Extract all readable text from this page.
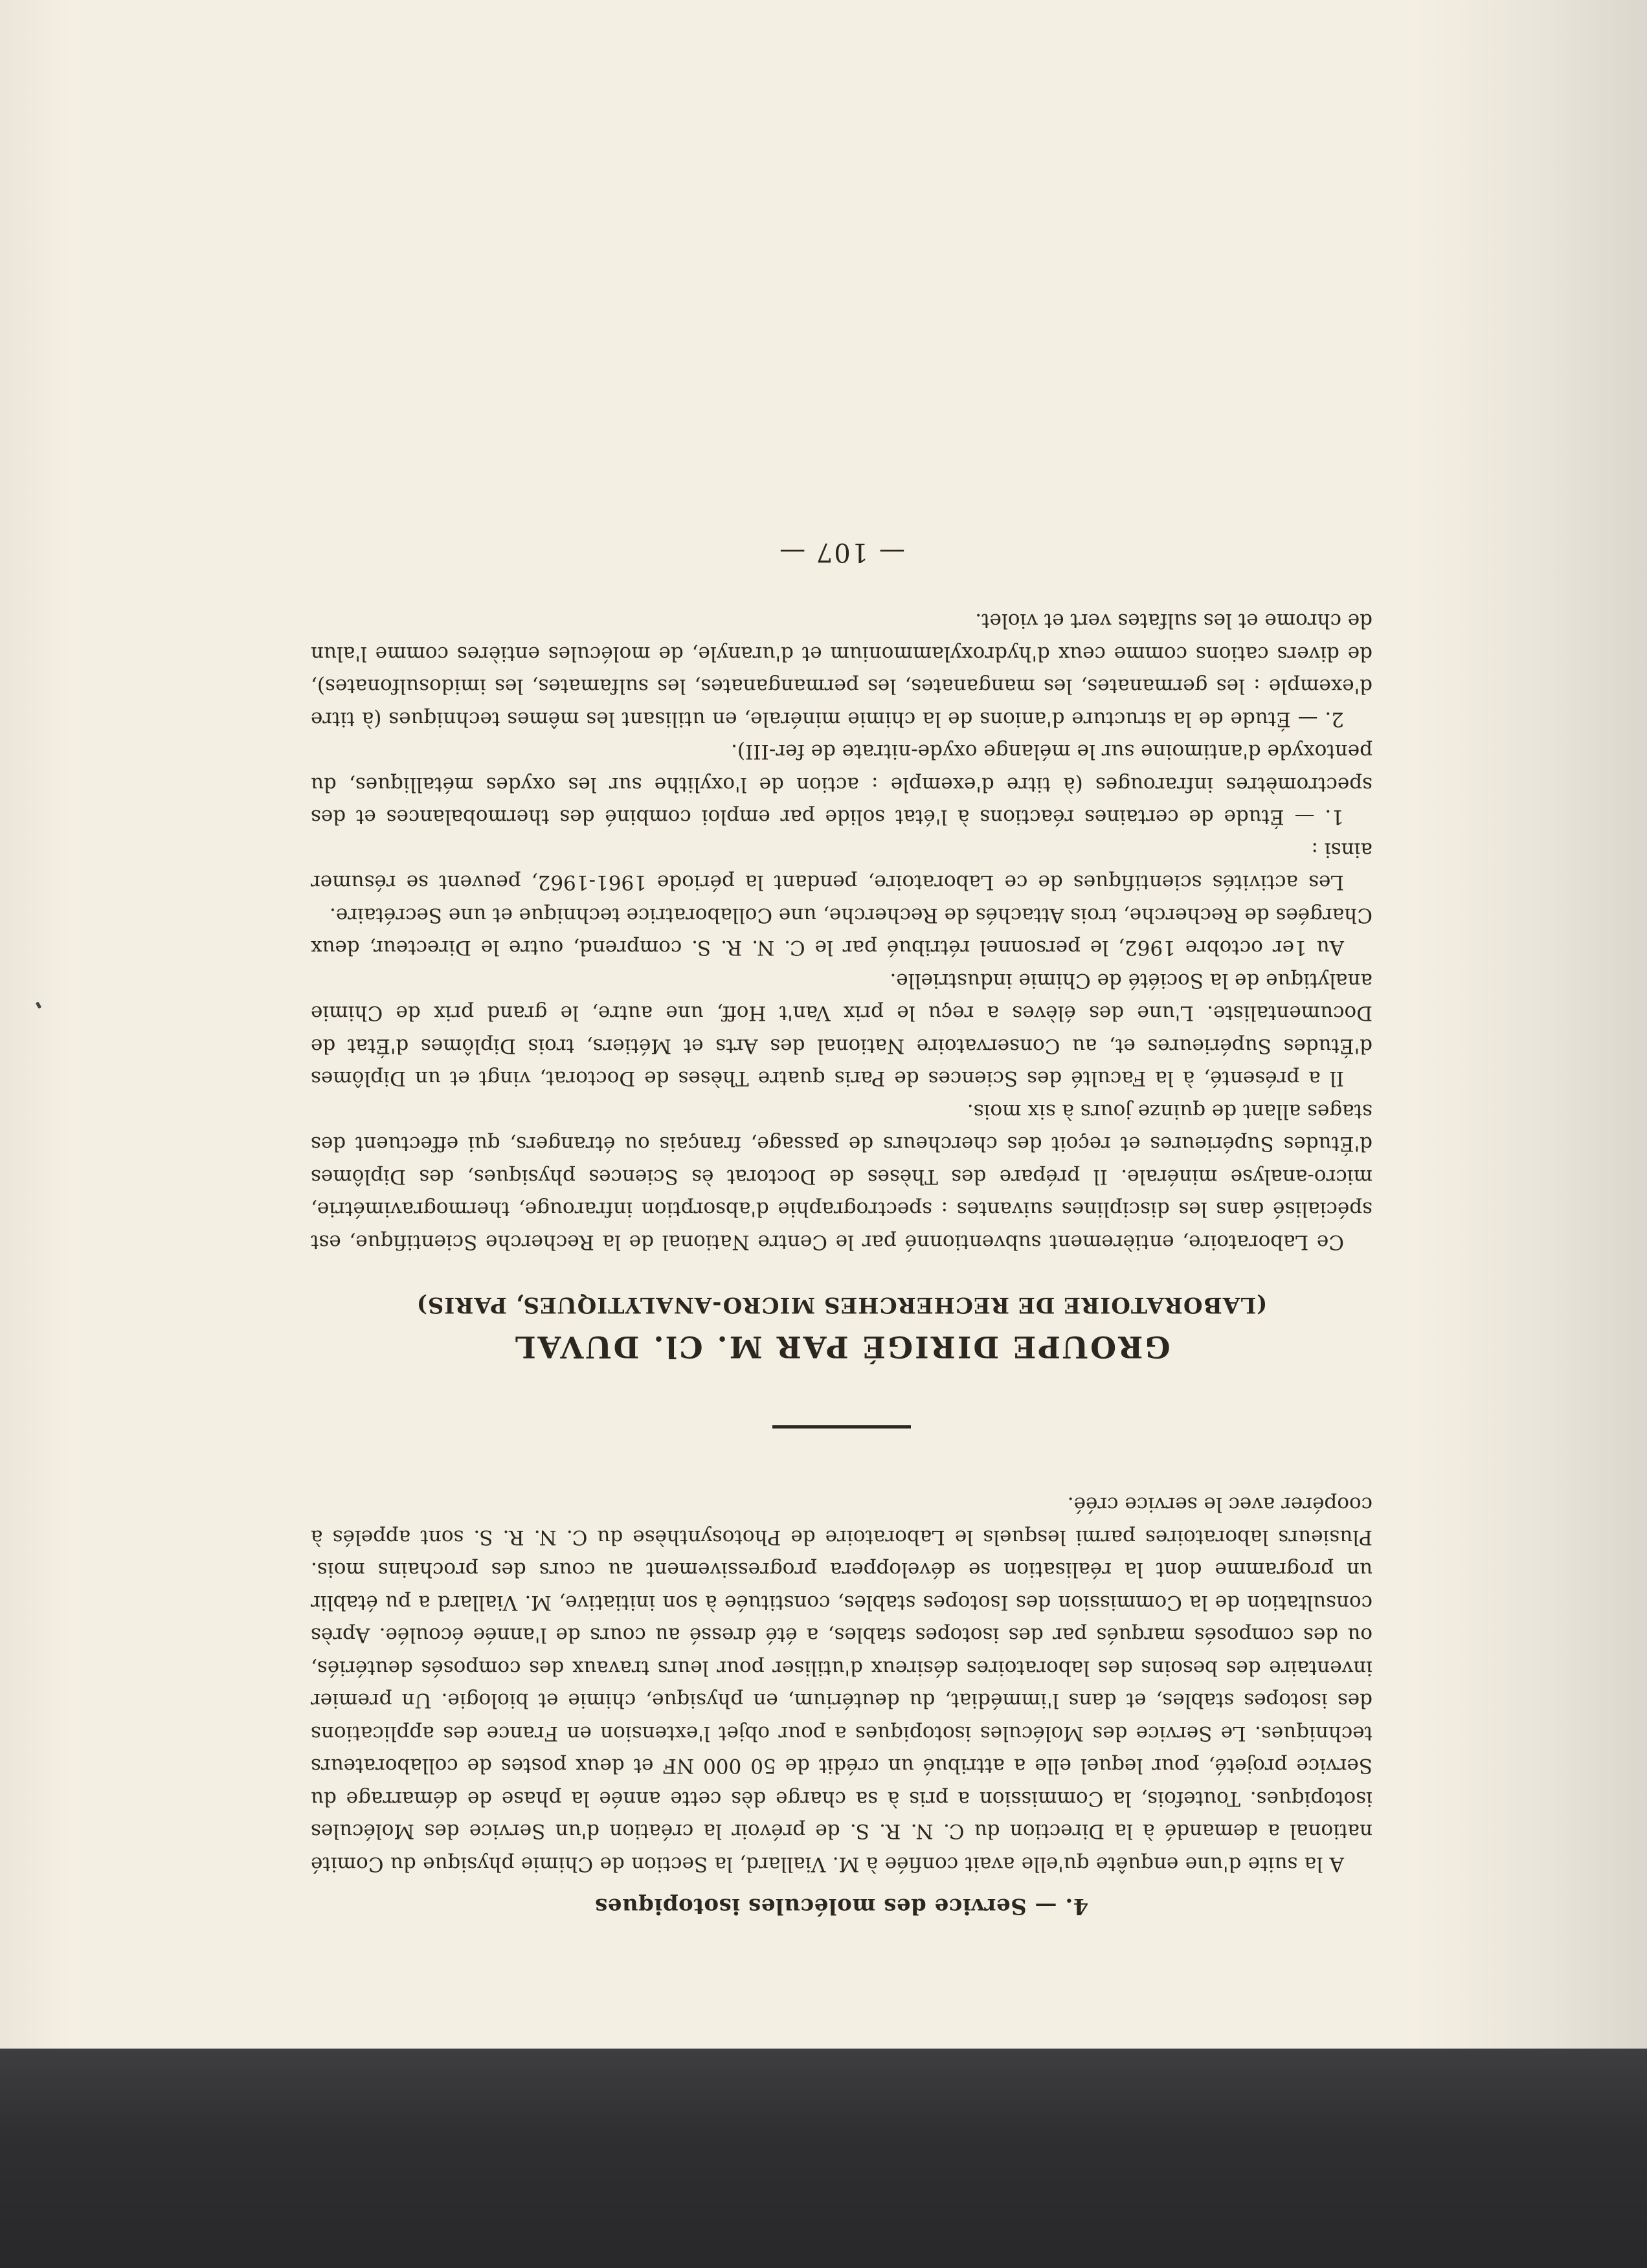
4. — Service des molécules isotopiques

A la suite d'une enquête qu'elle avait confiée à M. Viallard, la Section de Chimie physique du Comité national a demandé à la Direction du C. N. R. S. de prévoir la création d'un Service des Molécules isotopiques. Toutefois, la Commission a pris à sa charge dès cette année la phase de démarrage du Service projeté, pour lequel elle a attribué un crédit de 50 000 NF et deux postes de collaborateurs techniques. Le Service des Molécules isotopiques a pour objet l'extension en France des applications des isotopes stables, et dans l'immédiat, du deutérium, en physique, chimie et biologie. Un premier inventaire des besoins des laboratoires désireux d'utiliser pour leurs travaux des composés deutériés, ou des composés marqués par des isotopes stables, a été dressé au cours de l'année écoulée. Après consultation de la Commission des Isotopes stables, constituée à son initiative, M. Viallard a pu établir un programme dont la réalisation se développera progressivement au cours des prochains mois. Plusieurs laboratoires parmi lesquels le Laboratoire de Photosynthèse du C. N. R. S. sont appelés à coopérer avec le service créé.

GROUPE DIRIGÉ PAR M. Cl. DUVAL
(LABORATOIRE DE RECHERCHES MICRO-ANALYTIQUES, PARIS)

Ce Laboratoire, entièrement subventionné par le Centre National de la Recherche Scientifique, est spécialisé dans les disciplines suivantes : spectrographie d'absorption infrarouge, thermogravimétrie, micro-analyse minérale. Il prépare des Thèses de Doctorat ès Sciences physiques, des Diplômes d'Études Supérieures et reçoit des chercheurs de passage, français ou étrangers, qui effectuent des stages allant de quinze jours à six mois.

Il a présenté, à la Faculté des Sciences de Paris quatre Thèses de Doctorat, vingt et un Diplômes d'Études Supérieures et, au Conservatoire National des Arts et Métiers, trois Diplômes d'État de Documentaliste. L'une des élèves a reçu le prix Van't Hoff, une autre, le grand prix de Chimie analytique de la Société de Chimie industrielle.

Au 1er octobre 1962, le personnel rétribué par le C. N. R. S. comprend, outre le Directeur, deux Chargées de Recherche, trois Attachés de Recherche, une Collaboratrice technique et une Secrétaire.

Les activités scientifiques de ce Laboratoire, pendant la période 1961-1962, peuvent se résumer ainsi :

1. — Étude de certaines réactions à l'état solide par emploi combiné des thermobalances et des spectromètres infrarouges (à titre d'exemple : action de l'oxylithe sur les oxydes métalliques, du pentoxyde d'antimoine sur le mélange oxyde-nitrate de fer-III).

2. — Étude de la structure d'anions de la chimie minérale, en utilisant les mêmes techniques (à titre d'exemple : les germanates, les manganates, les permanganates, les sulfamates, les imidosulfonates), de divers cations comme ceux d'hydroxylammonium et d'uranyle, de molécules entières comme l'alun de chrome et les sulfates vert et violet.

— 107 —
